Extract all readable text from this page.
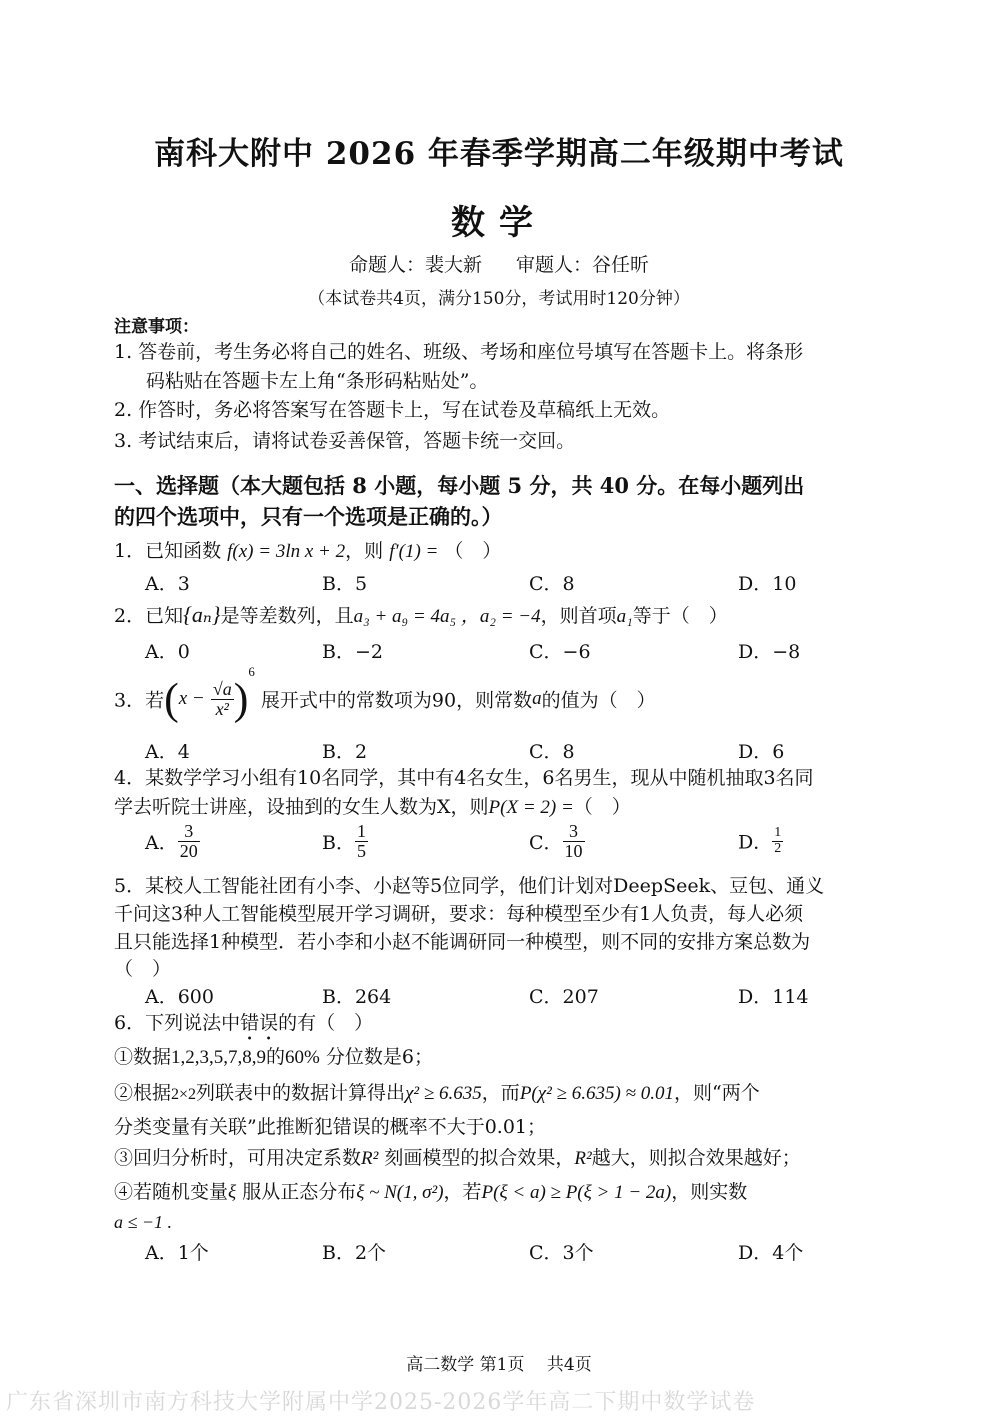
南科大附中 2026 年春季学期高二年级期中考试
数学
命题人：裴大新 审题人：谷任昕
（本试卷共4页，满分150分，考试用时120分钟）
注意事项：
1. 答卷前，考生务必将自己的姓名、班级、考场和座位号填写在答题卡上。将条形
码粘贴在答题卡左上角“条形码粘贴处”。
2. 作答时，务必将答案写在答题卡上，写在试卷及草稿纸上无效。
3. 考试结束后，请将试卷妥善保管，答题卡统一交回。
一、选择题（本大题包括 8 小题，每小题 5 分，共 40 分。在每小题列出
的四个选项中，只有一个选项是正确的。）
1．已知函数 f(x) = 3ln x + 2，则 f′(1) = （　）
A．3	B．5	C．8	D．10
2．已知{aₙ}是等差数列，且a₃ + a₉ = 4a₅ ，a₂ = −4，则首项a₁等于（　）
A．0	B．−2	C．−6	D．−8
3．若$(x - \frac{√a}{\text{x²}} )^6$ 展开式中的常数项为90，则常数a的值为（　）
A．4	B．2	C．8	D．6
4．某数学学习小组有10名同学，其中有4名女生，6名男生，现从中随机抽取3名同
学去听院士讲座，设抽到的女生人数为X，则P(X = 2) =（　）
A． $\frac{3}{20}$	B． $\frac{1}{5}$	C． $\frac{3}{10}$	D． $\frac{1}{2}$
5．某校人工智能社团有小李、小赵等5位同学，他们计划对DeepSeek、豆包、通义
千问这3种人工智能模型展开学习调研，要求：每种模型至少有1人负责，每人必须
且只能选择1种模型．若小李和小赵不能调研同一种模型，则不同的安排方案总数为
（　）
A．600	B．264	C．207	D．114
6．下列说法中错误的有（　）
①数据1,2,3,5,7,8,9的60% 分位数是6；
②根据2×2列联表中的数据计算得出χ² ≥ 6.635，而P(χ² ≥ 6.635) ≈ 0.01，则“两个
分类变量有关联”此推断犯错误的概率不大于0.01；
③回归分析时，可用决定系数R² 刻画模型的拟合效果，R²越大，则拟合效果越好；
④若随机变量ξ 服从正态分布ξ ~ N(1, σ²)，若P(ξ < a) ≥ P(ξ > 1 − 2a)，则实数
a ≤ −1 .
A．1个	B．2个	C．3个	D．4个
高二数学 第1页　 共4页
广东省深圳市南方科技大学附属中学2025-2026学年高二下期中数学试卷
